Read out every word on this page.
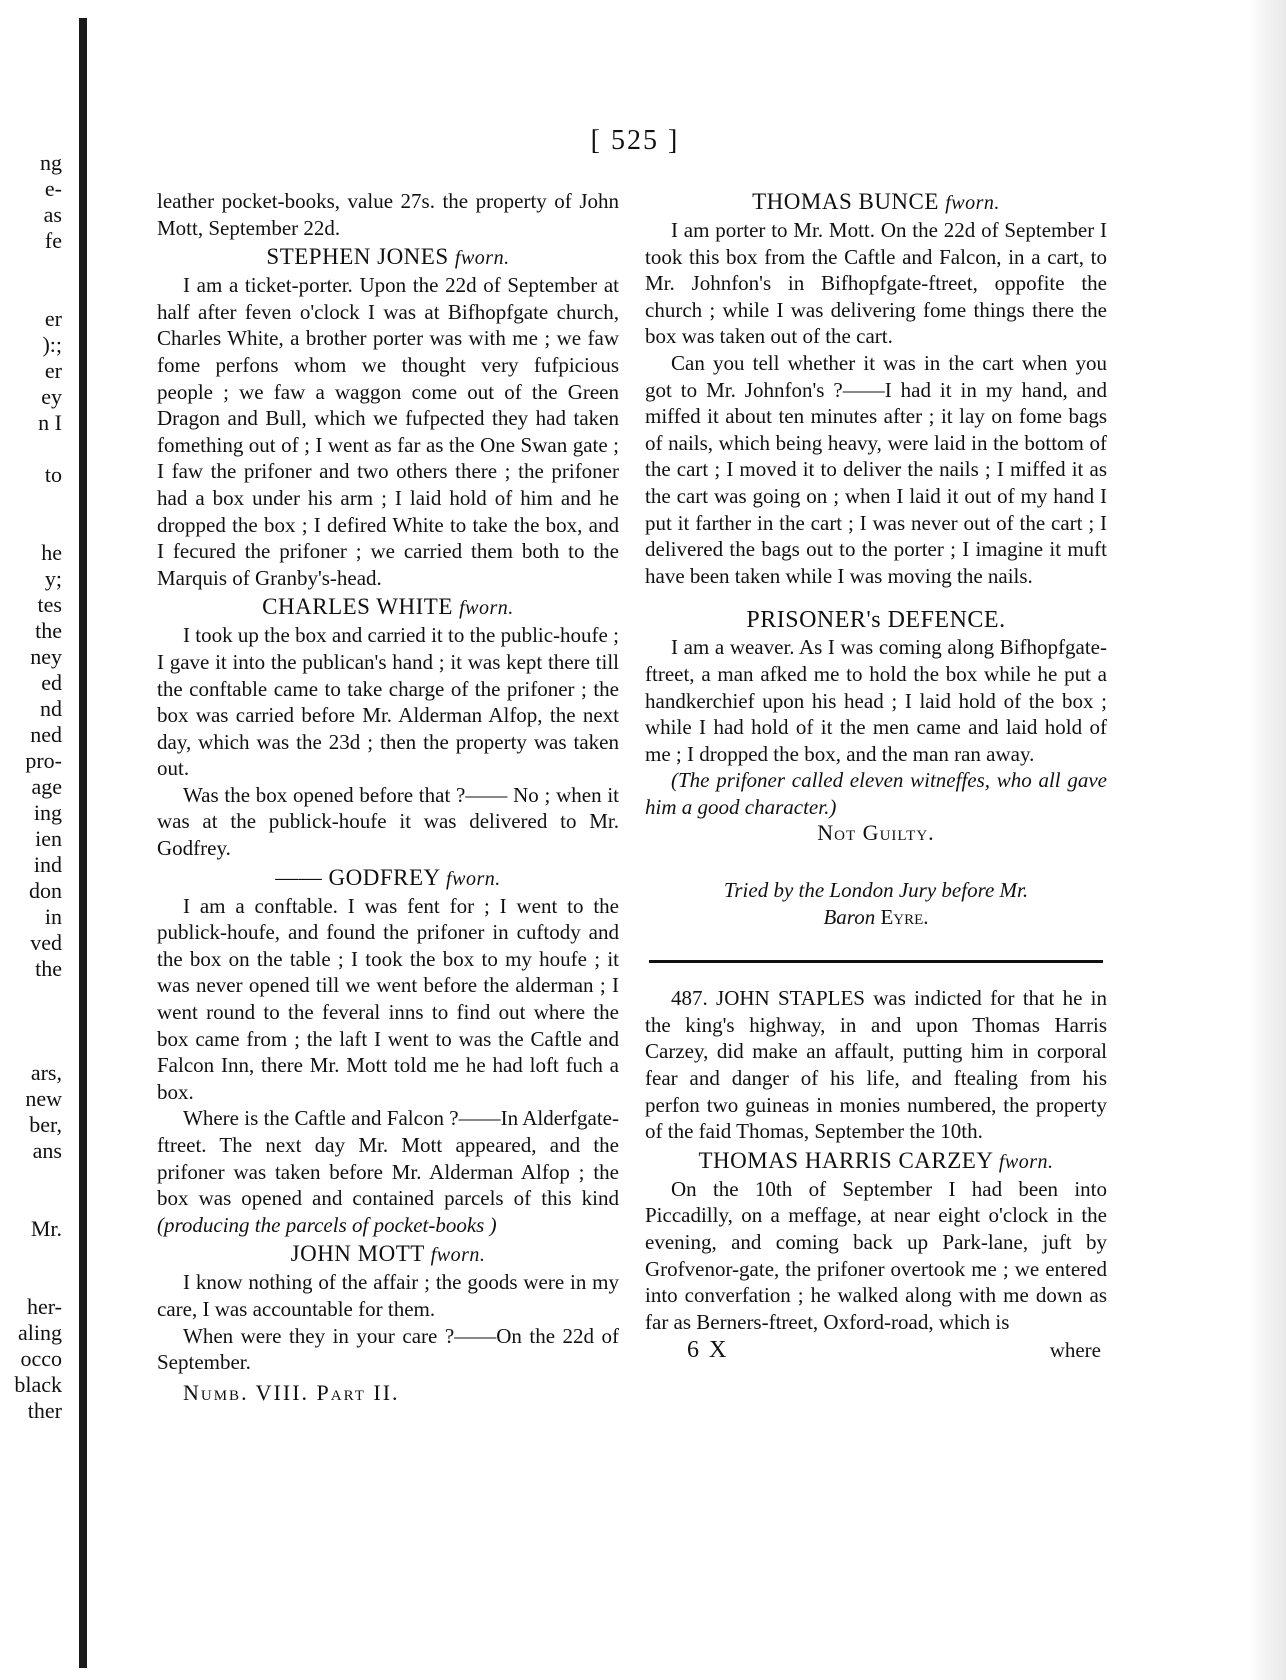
ng
e-
as
fe
er
):;
er
ey
n I
to
he
y;
tes
the
ney
ed
nd
ned
pro-
age
ing
ien
ind
don
in
ved
the
ars,
new
ber,
ans
Mr.
her-
aling
occo
black
ther
[ 525 ]

leather pocket-books, value 27s. the property of John Mott, September 22d.

STEPHEN JONES fworn.

I am a ticket-porter. Upon the 22d of September at half after feven o'clock I was at Bifhopfgate church, Charles White, a brother porter was with me ; we faw fome perfons whom we thought very fufpicious people ; we faw a waggon come out of the Green Dragon and Bull, which we fufpected they had taken fomething out of ; I went as far as the One Swan gate ; I faw the prifoner and two others there ; the prifoner had a box under his arm ; I laid hold of him and he dropped the box ; I defired White to take the box, and I fecured the prifoner ; we carried them both to the Marquis of Granby's-head.

CHARLES WHITE fworn.

I took up the box and carried it to the public-houfe ; I gave it into the publican's hand ; it was kept there till the conftable came to take charge of the prifoner ; the box was carried before Mr. Alderman Alfop, the next day, which was the 23d ; then the property was taken out.

Was the box opened before that ?—— No ; when it was at the publick-houfe it was delivered to Mr. Godfrey.

—— GODFREY fworn.

I am a conftable. I was fent for ; I went to the publick-houfe, and found the prifoner in cuftody and the box on the table ; I took the box to my houfe ; it was never opened till we went before the alderman ; I went round to the feveral inns to find out where the box came from ; the laft I went to was the Caftle and Falcon Inn, there Mr. Mott told me he had loft fuch a box.

Where is the Caftle and Falcon ?——In Alderfgate-ftreet. The next day Mr. Mott appeared, and the prifoner was taken before Mr. Alderman Alfop ; the box was opened and contained parcels of this kind (producing the parcels of pocket-books )

JOHN MOTT fworn.

I know nothing of the affair ; the goods were in my care, I was accountable for them.

When were they in your care ?——On the 22d of September.

Numb. VIII. Part II.
THOMAS BUNCE fworn.

I am porter to Mr. Mott. On the 22d of September I took this box from the Caftle and Falcon, in a cart, to Mr. Johnfon's in Bifhopfgate-ftreet, oppofite the church ; while I was delivering fome things there the box was taken out of the cart.

Can you tell whether it was in the cart when you got to Mr. Johnfon's ?——I had it in my hand, and miffed it about ten minutes after ; it lay on fome bags of nails, which being heavy, were laid in the bottom of the cart ; I moved it to deliver the nails ; I miffed it as the cart was going on ; when I laid it out of my hand I put it farther in the cart ; I was never out of the cart ; I delivered the bags out to the porter ; I imagine it muft have been taken while I was moving the nails.

PRISONER's DEFENCE.

I am a weaver. As I was coming along Bifhopfgate-ftreet, a man afked me to hold the box while he put a handkerchief upon his head ; I laid hold of the box ; while I had hold of it the men came and laid hold of me ; I dropped the box, and the man ran away.

(The prifoner called eleven witneffes, who all gave him a good character.)

Not Guilty.
Tried by the London Jury before Mr.
Baron Eyre.

487. JOHN STAPLES was indicted for that he in the king's highway, in and upon Thomas Harris Carzey, did make an affault, putting him in corporal fear and danger of his life, and ftealing from his perfon two guineas in monies numbered, the property of the faid Thomas, September the 10th.

THOMAS HARRIS CARZEY fworn.

On the 10th of September I had been into Piccadilly, on a meffage, at near eight o'clock in the evening, and coming back up Park-lane, juft by Grofvenor-gate, the prifoner overtook me ; we entered into converfation ; he walked along with me down as far as Berners-ftreet, Oxford-road, which is

6 X	where
